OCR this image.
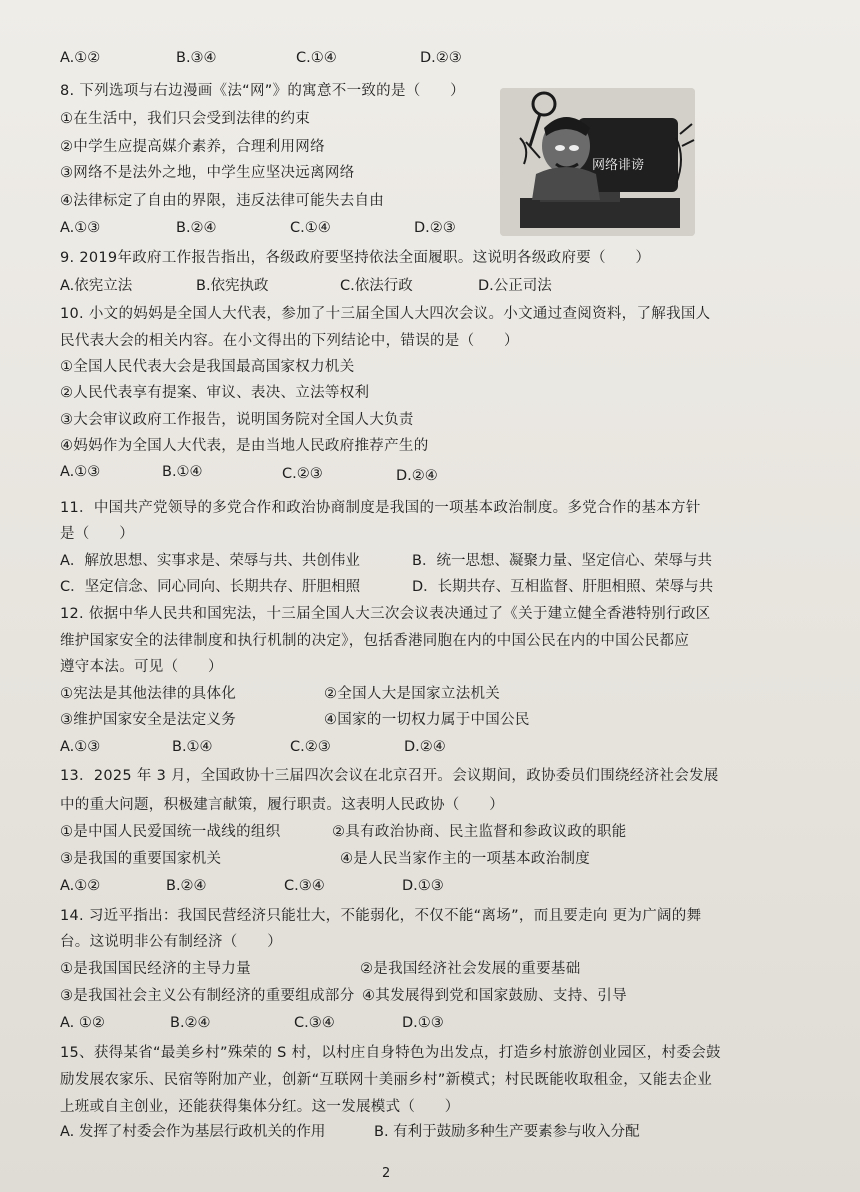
A.①②	B.③④	C.①④	D.②③
8. 下列选项与右边漫画《法“网”》的寓意不一致的是（　　）
①在生活中，我们只会受到法律的约束
②中学生应提高媒介素养，合理利用网络
③网络不是法外之地，中学生应坚决远离网络
④法律标定了自由的界限，违反法律可能失去自由
A.①③	B.②④	C.①④	D.②③
网络诽谤
9. 2019年政府工作报告指出，各级政府要坚持依法全面履职。这说明各级政府要（　　）
A.依宪立法	B.依宪执政	C.依法行政	D.公正司法
10. 小文的妈妈是全国人大代表，参加了十三届全国人大四次会议。小文通过查阅资料，了解我国人
民代表大会的相关内容。在小文得出的下列结论中，错误的是（　　）
①全国人民代表大会是我国最高国家权力机关
②人民代表享有提案、审议、表决、立法等权利
③大会审议政府工作报告，说明国务院对全国人大负责
④妈妈作为全国人大代表，是由当地人民政府推荐产生的
A.①③	B.①④	C.②③	D.②④
11．中国共产党领导的多党合作和政治协商制度是我国的一项基本政治制度。多党合作的基本方针
是（　　）
A．解放思想、实事求是、荣辱与共、共创伟业	B．统一思想、凝聚力量、坚定信心、荣辱与共
C．坚定信念、同心同向、长期共存、肝胆相照	D．长期共存、互相监督、肝胆相照、荣辱与共
12. 依据中华人民共和国宪法，十三届全国人大三次会议表决通过了《关于建立健全香港特别行政区
维护国家安全的法律制度和执行机制的决定》，包括香港同胞在内的中国公民在内的中国公民都应
遵守本法。可见（　　）
①宪法是其他法律的具体化	②全国人大是国家立法机关
③维护国家安全是法定义务	④国家的一切权力属于中国公民
A.①③	B.①④	C.②③	D.②④
13．2025 年 3 月，全国政协十三届四次会议在北京召开。会议期间，政协委员们围绕经济社会发展
中的重大问题，积极建言献策，履行职责。这表明人民政协（　　）
①是中国人民爱国统一战线的组织	②具有政治协商、民主监督和参政议政的职能
③是我国的重要国家机关	④是人民当家作主的一项基本政治制度
A.①②	B.②④	C.③④	D.①③
14. 习近平指出：我国民营经济只能壮大，不能弱化，不仅不能“离场”，而且要走向 更为广阔的舞
台。这说明非公有制经济（　　）
①是我国国民经济的主导力量	②是我国经济社会发展的重要基础
③是我国社会主义公有制经济的重要组成部分 ④其发展得到党和国家鼓励、支持、引导
A. ①②	B.②④	C.③④	D.①③
15、获得某省“最美乡村”殊荣的 S 村，以村庄自身特色为出发点，打造乡村旅游创业园区，村委会鼓
励发展农家乐、民宿等附加产业，创新“互联网十美丽乡村”新模式；村民既能收取租金，又能去企业
上班或自主创业，还能获得集体分红。这一发展模式（　　）
A. 发挥了村委会作为基层行政机关的作用	B. 有利于鼓励多种生产要素参与收入分配
2
